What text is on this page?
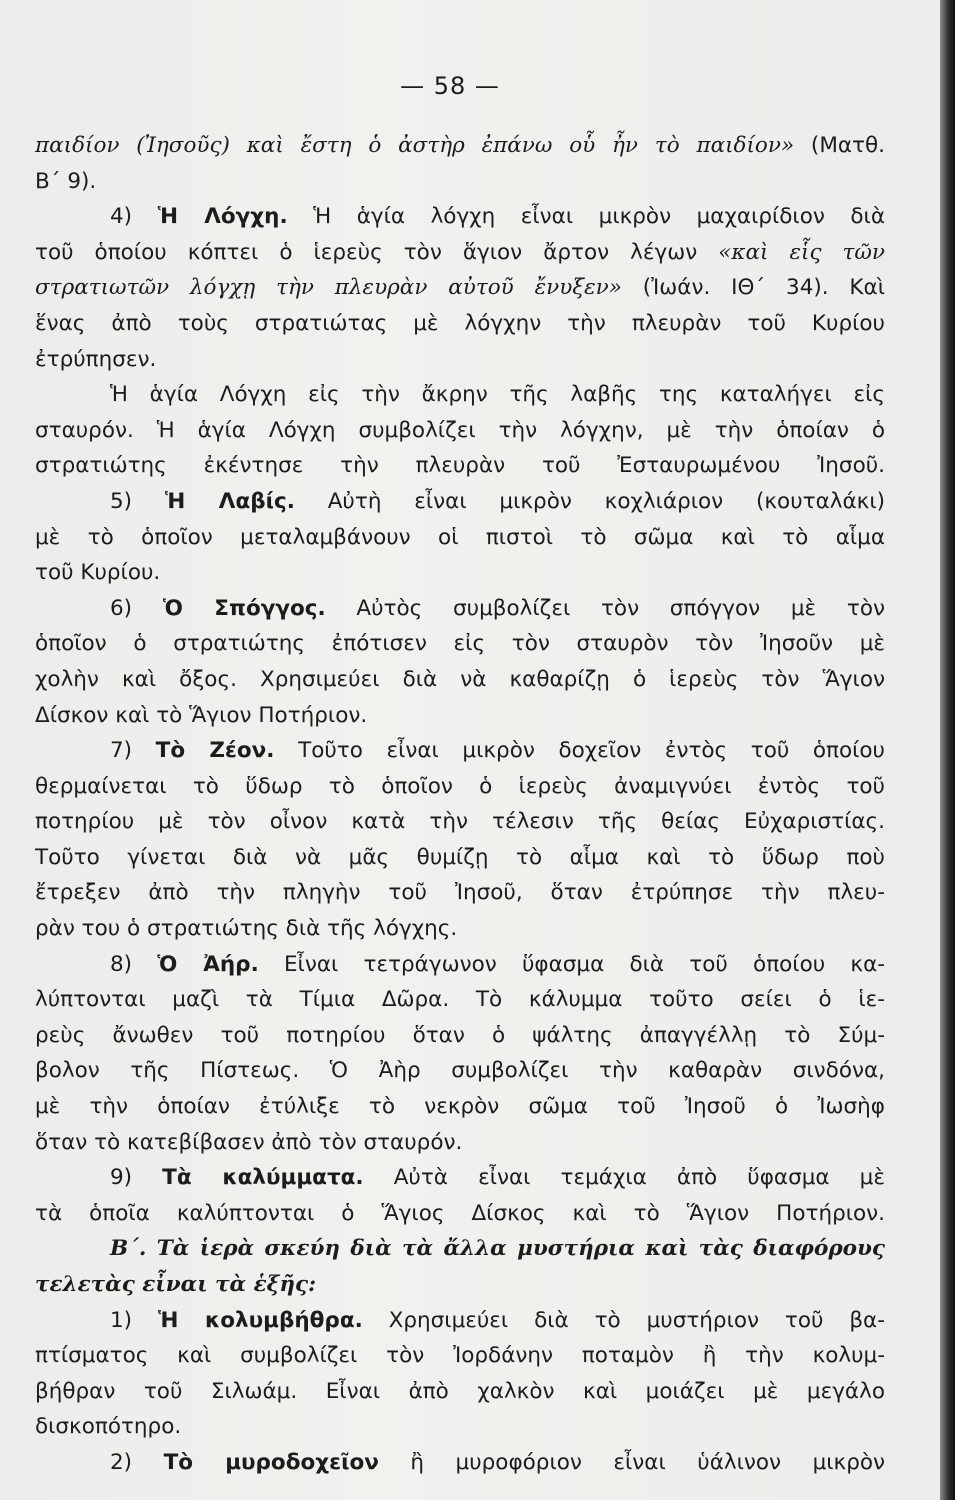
— 58 —
παιδίον (Ἰησοῦς) καὶ ἔστη ὁ ἀστὴρ ἐπάνω οὗ ἦν τὸ παιδίον» (Ματθ.
Β΄ 9).
4) Ἡ Λόγχη. Ἡ ἁγία λόγχη εἶναι μικρὸν μαχαιρίδιον διὰ
τοῦ ὁποίου κόπτει ὁ ἱερεὺς τὸν ἅγιον ἄρτον λέγων «καὶ εἷς τῶν
στρατιωτῶν λόγχῃ τὴν πλευρὰν αὐτοῦ ἔνυξεν» (Ἰωάν. ΙΘ΄ 34). Καὶ
ἕνας ἀπὸ τοὺς στρατιώτας μὲ λόγχην τὴν πλευρὰν τοῦ Κυρίου
ἐτρύπησεν.
Ἡ ἁγία Λόγχη εἰς τὴν ἄκρην τῆς λαβῆς της καταλήγει εἰς
σταυρόν. Ἡ ἁγία Λόγχη συμβολίζει τὴν λόγχην, μὲ τὴν ὁποίαν ὁ
στρατιώτης ἐκέντησε τὴν πλευρὰν τοῦ Ἐσταυρωμένου Ἰησοῦ.
5) Ἡ Λαβίς. Αὐτὴ εἶναι μικρὸν κοχλιάριον (κουταλάκι)
μὲ τὸ ὁποῖον μεταλαμβάνουν οἱ πιστοὶ τὸ σῶμα καὶ τὸ αἷμα
τοῦ Κυρίου.
6) Ὁ Σπόγγος. Αὐτὸς συμβολίζει τὸν σπόγγον μὲ τὸν
ὁποῖον ὁ στρατιώτης ἐπότισεν εἰς τὸν σταυρὸν τὸν Ἰησοῦν μὲ
χολὴν καὶ ὄξος. Χρησιμεύει διὰ νὰ καθαρίζῃ ὁ ἱερεὺς τὸν Ἅγιον
Δίσκον καὶ τὸ Ἅγιον Ποτήριον.
7) Τὸ Ζέον. Τοῦτο εἶναι μικρὸν δοχεῖον ἐντὸς τοῦ ὁποίου
θερμαίνεται τὸ ὕδωρ τὸ ὁποῖον ὁ ἱερεὺς ἀναμιγνύει ἐντὸς τοῦ
ποτηρίου μὲ τὸν οἶνον κατὰ τὴν τέλεσιν τῆς θείας Εὐχαριστίας.
Τοῦτο γίνεται διὰ νὰ μᾶς θυμίζῃ τὸ αἷμα καὶ τὸ ὕδωρ ποὺ
ἔτρεξεν ἀπὸ τὴν πληγὴν τοῦ Ἰησοῦ, ὅταν ἐτρύπησε τὴν πλευ-
ρὰν του ὁ στρατιώτης διὰ τῆς λόγχης.
8) Ὁ Ἀήρ. Εἶναι τετράγωνον ὕφασμα διὰ τοῦ ὁποίου κα-
λύπτονται μαζὶ τὰ Τίμια Δῶρα. Τὸ κάλυμμα τοῦτο σείει ὁ ἱε-
ρεὺς ἄνωθεν τοῦ ποτηρίου ὅταν ὁ ψάλτης ἀπαγγέλλῃ τὸ Σύμ-
βολον τῆς Πίστεως. Ὁ Ἀὴρ συμβολίζει τὴν καθαρὰν σινδόνα,
μὲ τὴν ὁποίαν ἐτύλιξε τὸ νεκρὸν σῶμα τοῦ Ἰησοῦ ὁ Ἰωσὴφ
ὅταν τὸ κατεβίβασεν ἀπὸ τὸν σταυρόν.
9) Τὰ καλύμματα. Αὐτὰ εἶναι τεμάχια ἀπὸ ὕφασμα μὲ
τὰ ὁποῖα καλύπτονται ὁ Ἅγιος Δίσκος καὶ τὸ Ἅγιον Ποτήριον.
Β΄. Τὰ ἱερὰ σκεύη διὰ τὰ ἄλλα μυστήρια καὶ τὰς διαφόρους
τελετὰς εἶναι τὰ ἑξῆς:
1) Ἡ κολυμβήθρα. Χρησιμεύει διὰ τὸ μυστήριον τοῦ βα-
πτίσματος καὶ συμβολίζει τὸν Ἰορδάνην ποταμὸν ἢ τὴν κολυμ-
βήθραν τοῦ Σιλωάμ. Εἶναι ἀπὸ χαλκὸν καὶ μοιάζει μὲ μεγάλο
δισκοπότηρο.
2) Τὸ μυροδοχεῖον ἢ μυροφόριον εἶναι ὑάλινον μικρὸν
